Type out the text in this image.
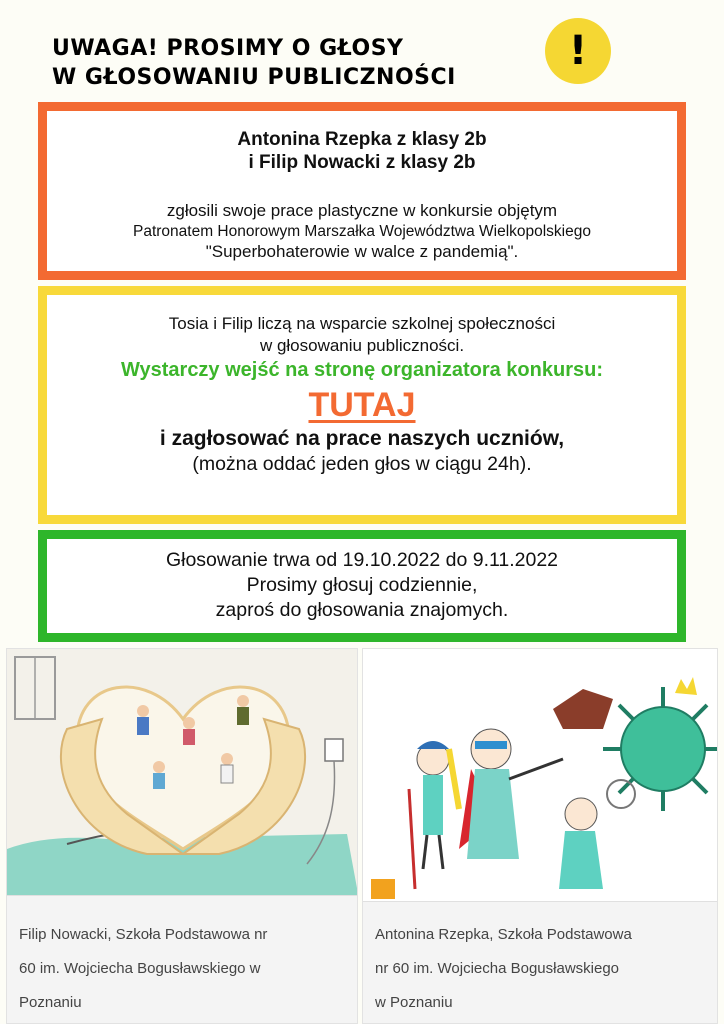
UWAGA! PROSIMY O GŁOSY
W GŁOSOWANIU PUBLICZNOŚCI
!
Antonina Rzepka z klasy 2b
i Filip Nowacki z klasy 2b
zgłosili swoje prace plastyczne w konkursie objętym
Patronatem Honorowym Marszałka Województwa Wielkopolskiego
"Superbohaterowie w walce z pandemią".
Tosia i Filip liczą na wsparcie szkolnej społeczności
w głosowaniu publiczności.
Wystarczy wejść na stronę organizatora konkursu:
TUTAJ
i zagłosować na prace naszych uczniów,
(można oddać jeden głos w ciągu 24h).
Głosowanie trwa od 19.10.2022 do 9.11.2022
Prosimy głosuj codziennie,
zaproś do głosowania znajomych.
Filip Nowacki, Szkoła Podstawowa nr
60 im. Wojciecha Bogusławskiego w
Poznaniu
Antonina Rzepka, Szkoła Podstawowa
nr 60 im. Wojciecha Bogusławskiego
w Poznaniu
